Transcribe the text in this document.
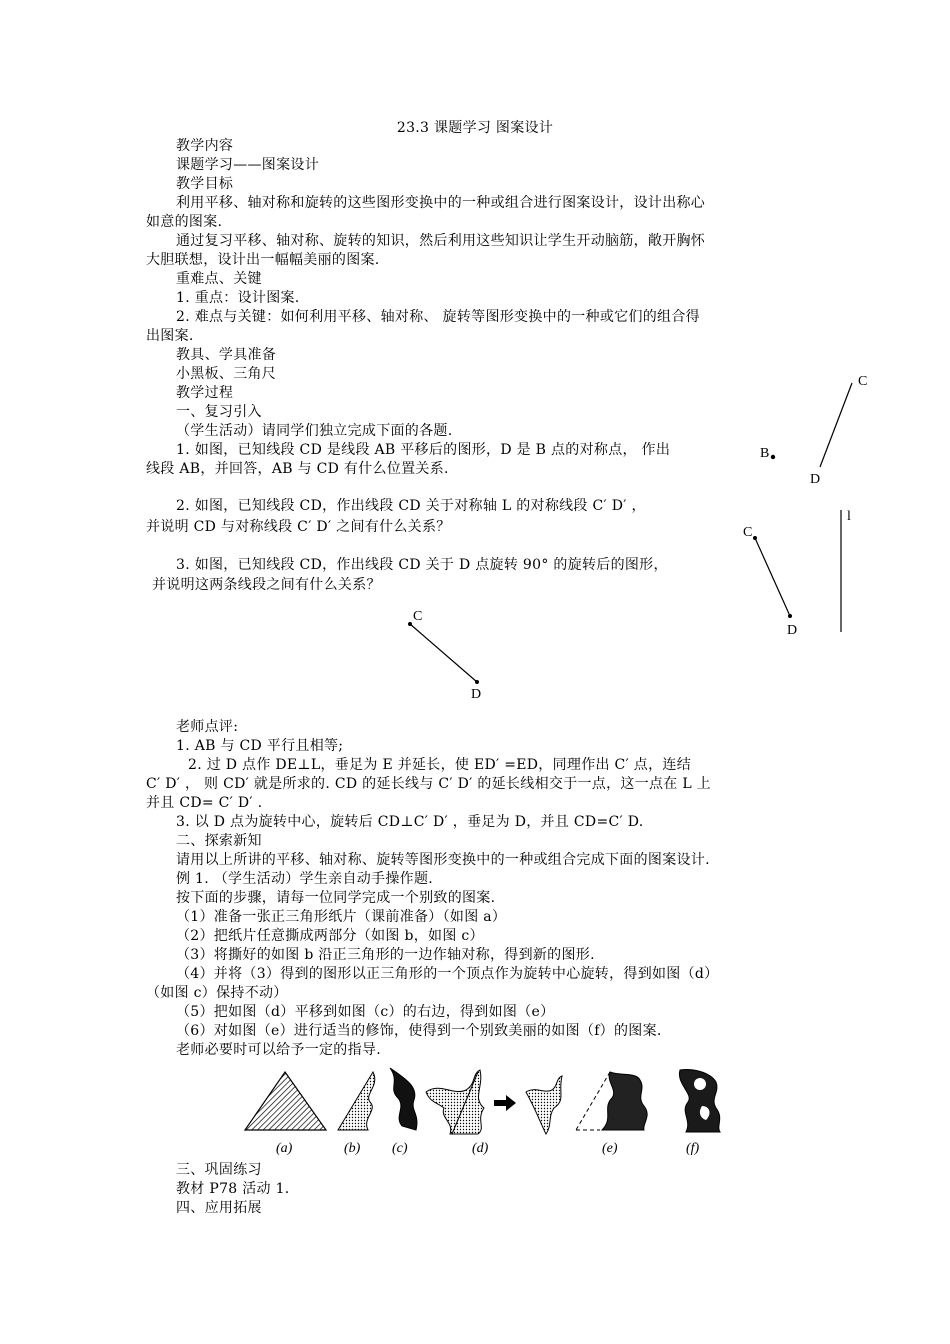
23.3 课题学习 图案设计
教学内容
课题学习——图案设计
教学目标
利用平移、轴对称和旋转的这些图形变换中的一种或组合进行图案设计，设计出称心
如意的图案.
通过复习平移、轴对称、旋转的知识，然后利用这些知识让学生开动脑筋，敞开胸怀
大胆联想，设计出一幅幅美丽的图案.
重难点、关键
1. 重点：设计图案.
2. 难点与关键：如何利用平移、轴对称、 旋转等图形变换中的一种或它们的组合得
出图案.
教具、学具准备
小黑板、三角尺
教学过程
一、复习引入
（学生活动）请同学们独立完成下面的各题.
1. 如图，已知线段 CD 是线段 AB 平移后的图形，D 是 B 点的对称点， 作出
线段 AB，并回答，AB 与 CD 有什么位置关系.
2. 如图，已知线段 CD，作出线段 CD 关于对称轴 L 的对称线段 C′ D′ ，
并说明 CD 与对称线段 C′ D′ 之间有什么关系？
3. 如图，已知线段 CD，作出线段 CD 关于 D 点旋转 90° 的旋转后的图形，
并说明这两条线段之间有什么关系？
老师点评:
1. AB 与 CD 平行且相等;
2. 过 D 点作 DE⊥L，垂足为 E 并延长，使 ED′ =ED，同理作出 C′ 点，连结
C′ D′ ， 则 CD′ 就是所求的. CD 的延长线与 C′ D′ 的延长线相交于一点，这一点在 L 上
并且 CD= C′ D′ .
3. 以 D 点为旋转中心，旋转后 CD⊥C′ D′ ，垂足为 D，并且 CD=C′ D.
二、探索新知
请用以上所讲的平移、轴对称、旋转等图形变换中的一种或组合完成下面的图案设计.
例 1. （学生活动）学生亲自动手操作题.
按下面的步骤，请每一位同学完成一个别致的图案.
（1）准备一张正三角形纸片（课前准备）（如图 a）
（2）把纸片任意撕成两部分（如图 b，如图 c）
（3）将撕好的如图 b 沿正三角形的一边作轴对称，得到新的图形.
（4）并将（3）得到的图形以正三角形的一个顶点作为旋转中心旋转，得到如图（d）
（如图 c）保持不动）
（5）把如图（d）平移到如图（c）的右边，得到如图（e）
（6）对如图（e）进行适当的修饰，使得到一个别致美丽的如图（f）的图案.
老师必要时可以给予一定的指导.
三、巩固练习
教材 P78 活动 1.
四、应用拓展
C
D
B
l
C
D
C
D
(a)	(b) (c)	(d)	(e)	(f)
